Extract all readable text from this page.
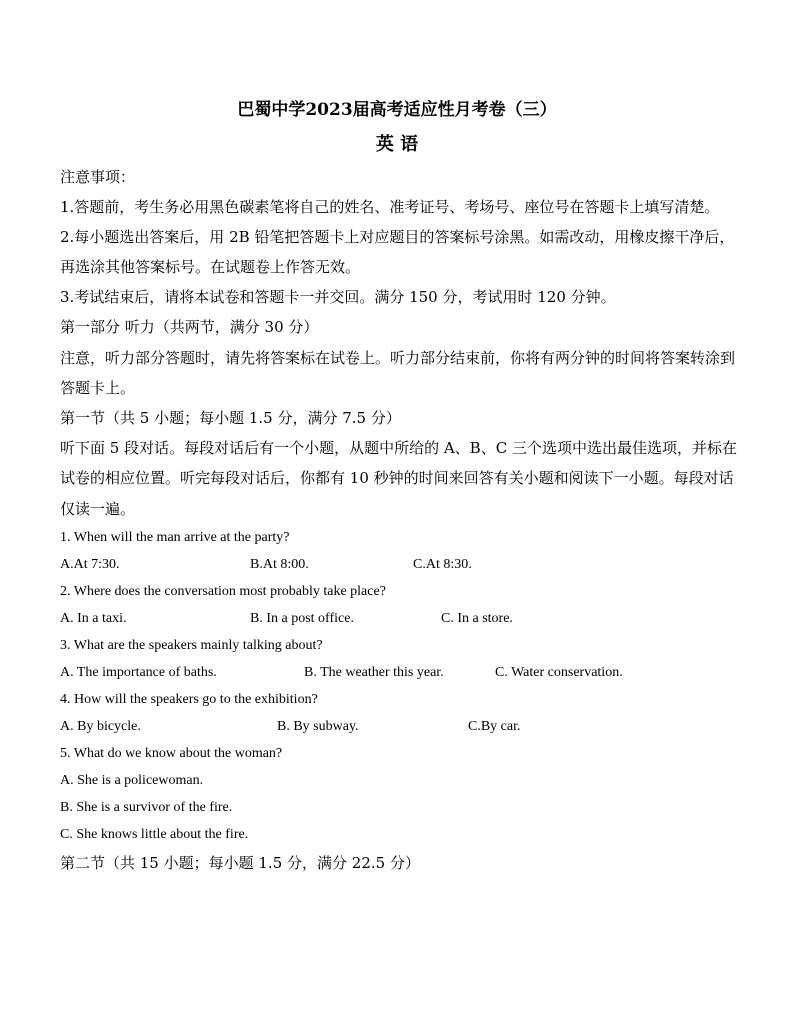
巴蜀中学2023届高考适应性月考卷（三）
英 语
注意事项：
1.答题前，考生务必用黑色碳素笔将自己的姓名、准考证号、考场号、座位号在答题卡上填写清楚。
2.每小题选出答案后，用 2B 铅笔把答题卡上对应题目的答案标号涂黑。如需改动，用橡皮擦干净后，
再选涂其他答案标号。在试题卷上作答无效。
3.考试结束后，请将本试卷和答题卡一并交回。满分 150 分，考试用时 120 分钟。
第一部分 听力（共两节，满分 30 分）
注意，听力部分答题时，请先将答案标在试卷上。听力部分结束前，你将有两分钟的时间将答案转涂到
答题卡上。
第一节（共 5 小题；每小题 1.5 分，满分 7.5 分）
听下面 5 段对话。每段对话后有一个小题，从题中所给的 A、B、C 三个选项中选出最佳选项，并标在
试卷的相应位置。听完每段对话后，你都有 10 秒钟的时间来回答有关小题和阅读下一小题。每段对话
仅读一遍。
1. When will the man arrive at the party?
A.At 7:30.	B.At 8:00.	C.At 8:30.
2. Where does the conversation most probably take place?
A. In a taxi.	B. In a post office.	C. In a store.
3. What are the speakers mainly talking about?
A. The importance of baths.	B. The weather this year.	C. Water conservation.
4. How will the speakers go to the exhibition?
A. By bicycle.	B. By subway.	C.By car.
5. What do we know about the woman?
A. She is a policewoman.
B. She is a survivor of the fire.
C. She knows little about the fire.
第二节（共 15 小题；每小题 1.5 分，满分 22.5 分）
